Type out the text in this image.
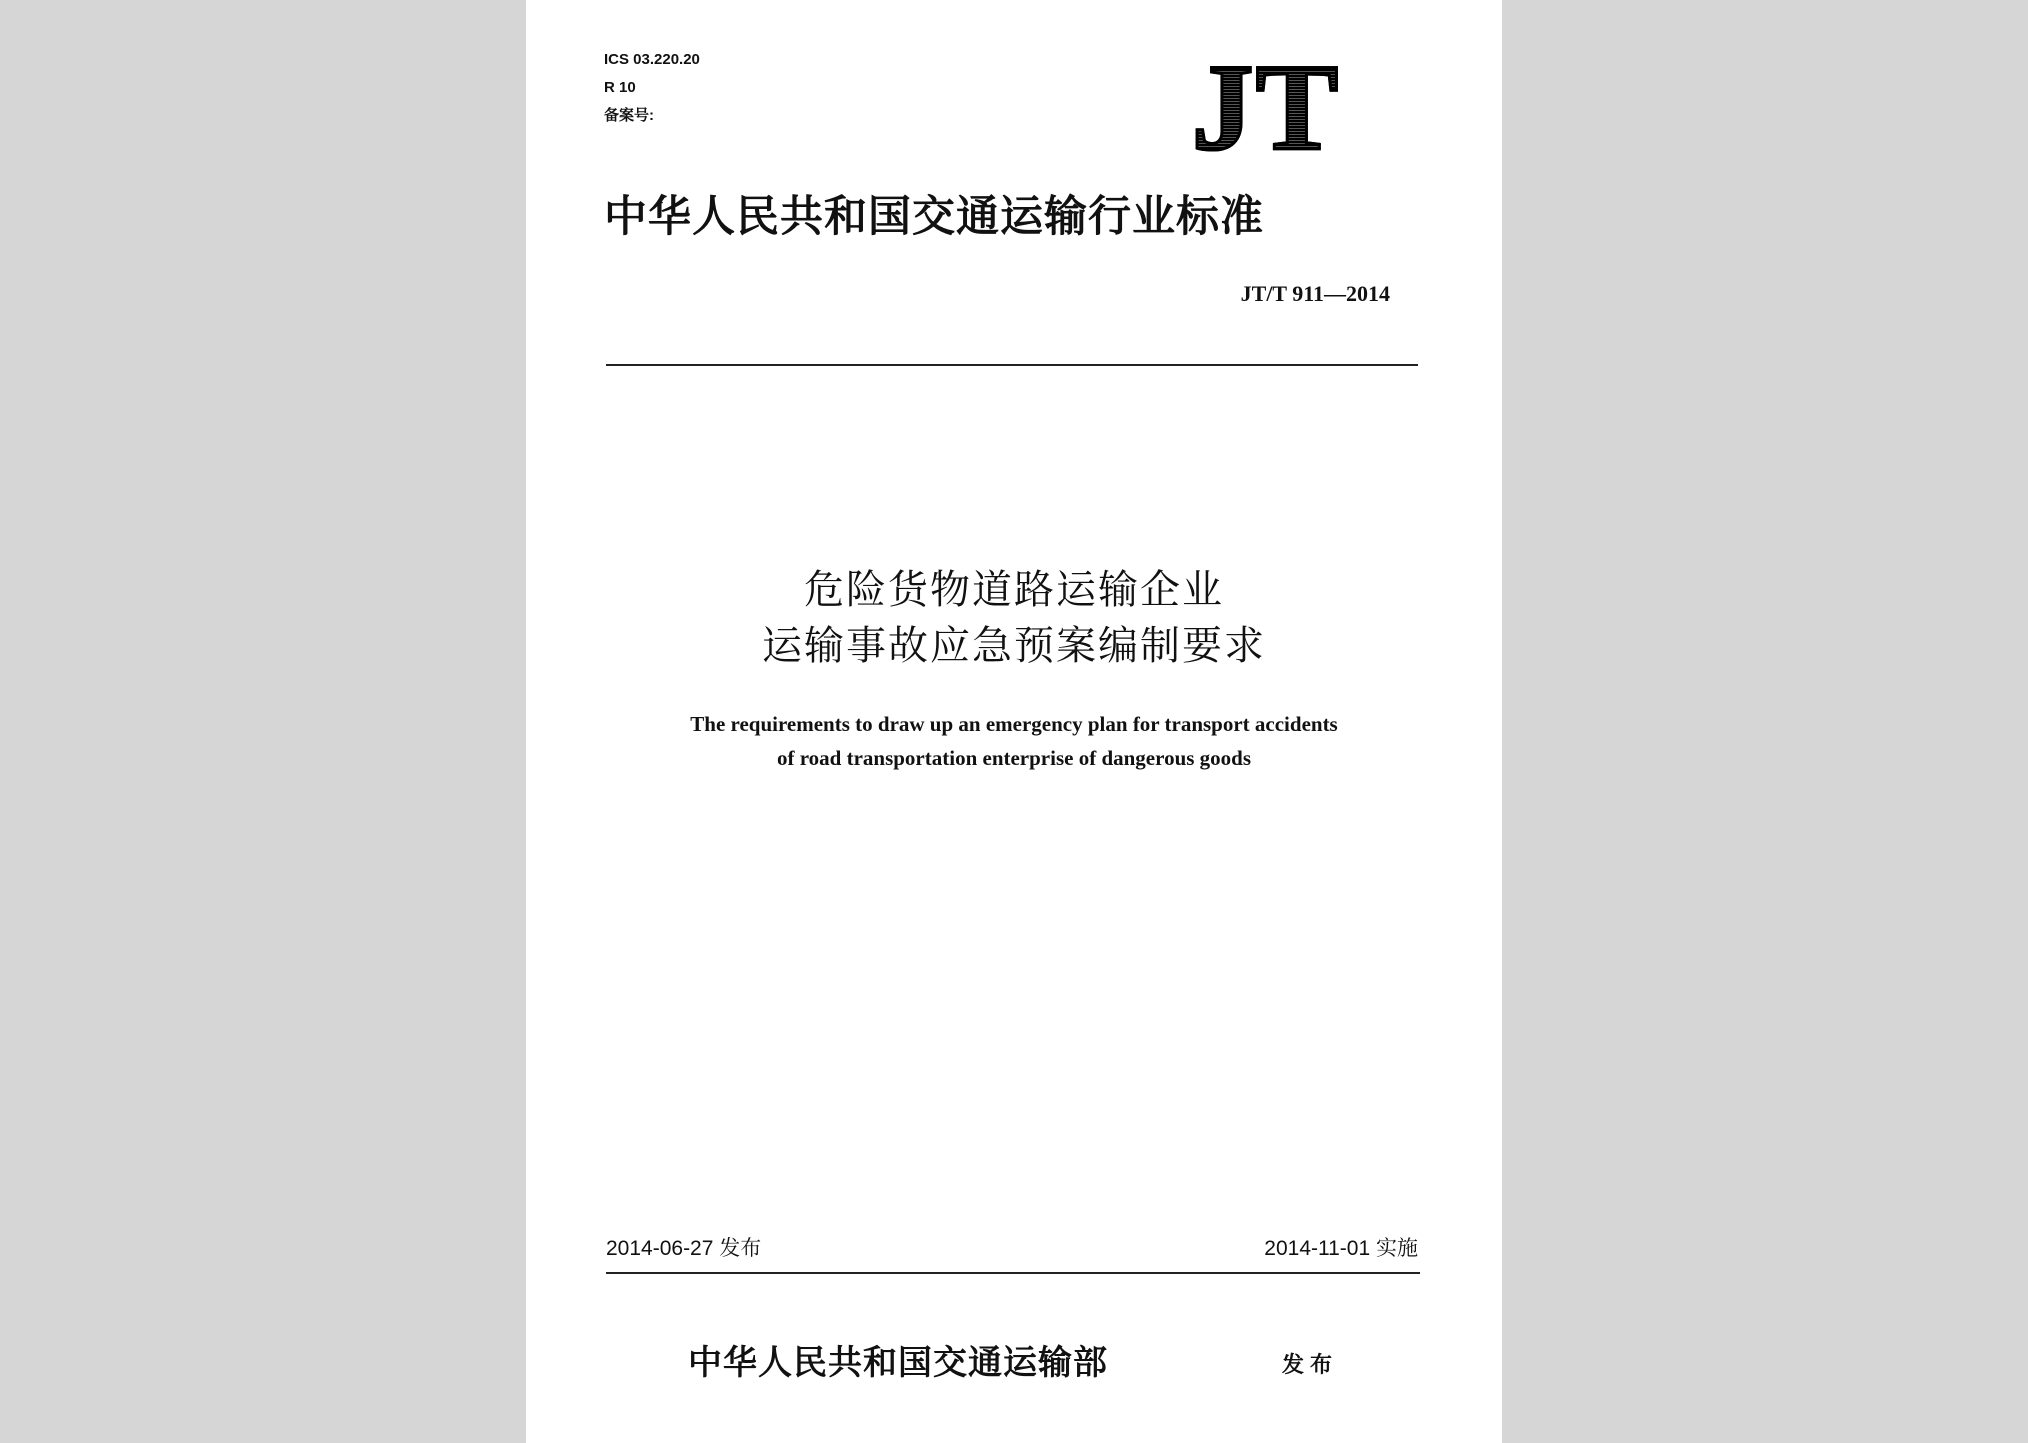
ICS 03.220.20
R 10
备案号:	JT
中华人民共和国交通运输行业标准
JT/T 911—2014
危险货物道路运输企业
运输事故应急预案编制要求
The requirements to draw up an emergency plan for transport accidents
of road transportation enterprise of dangerous goods
2014-06-27 发布	2014-11-01 实施
中华人民共和国交通运输部	发布
